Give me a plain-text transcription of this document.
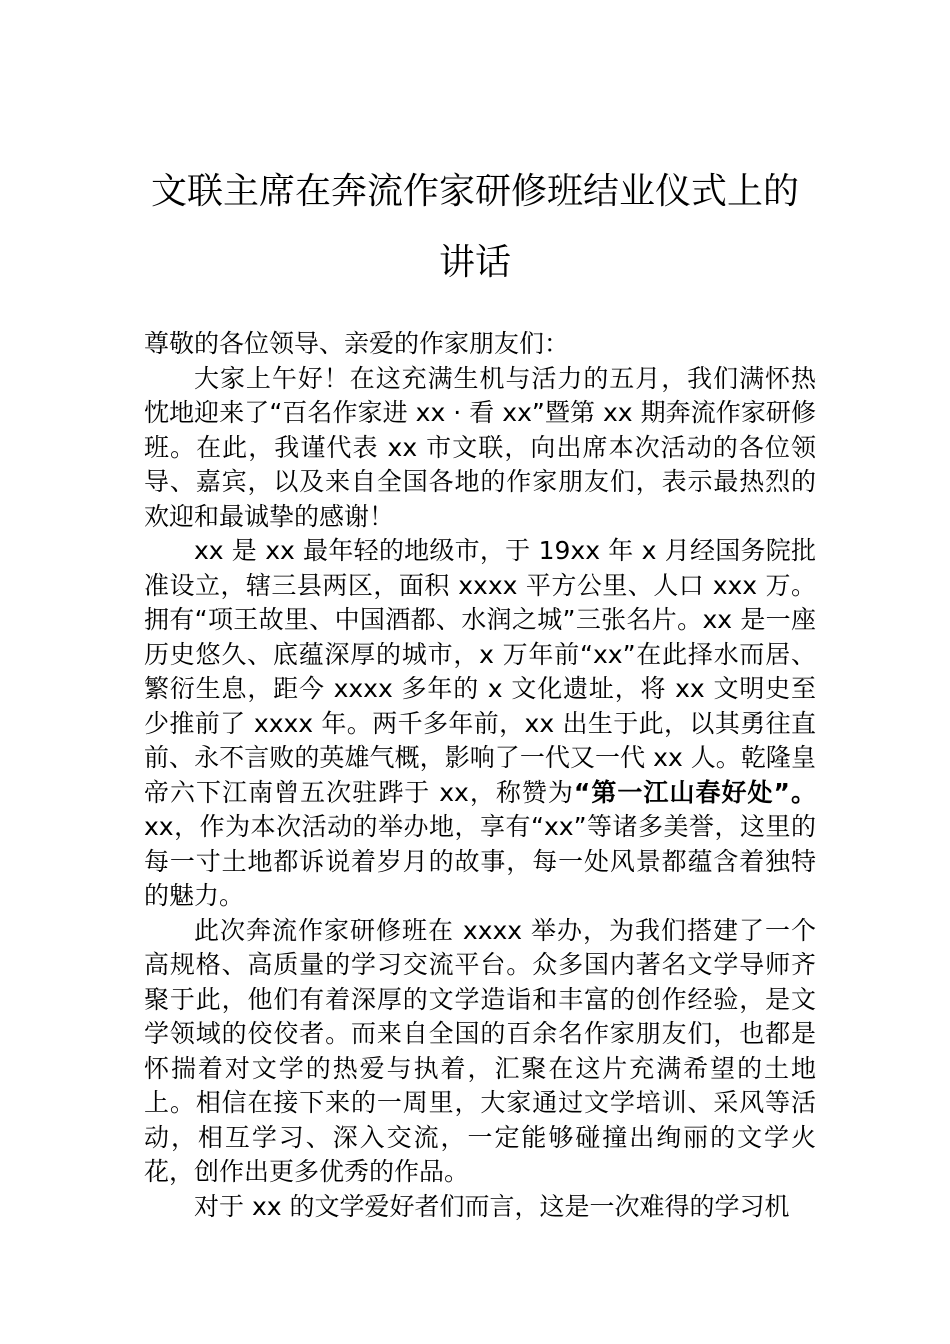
文联主席在奔流作家研修班结业仪式上的
讲话

尊敬的各位领导、亲爱的作家朋友们：

大家上午好！在这充满生机与活力的五月，我们满怀热忱地迎来了“百名作家进 xx · 看 xx”暨第 xx 期奔流作家研修班。在此，我谨代表 xx 市文联，向出席本次活动的各位领导、嘉宾，以及来自全国各地的作家朋友们，表示最热烈的欢迎和最诚挚的感谢！

xx 是 xx 最年轻的地级市，于 19xx 年 x 月经国务院批准设立，辖三县两区，面积 xxxx 平方公里、人口 xxx 万。拥有“项王故里、中国酒都、水润之城”三张名片。xx 是一座历史悠久、底蕴深厚的城市，x 万年前“xx”在此择水而居、繁衍生息，距今 xxxx 多年的 x 文化遗址，将 xx 文明史至少推前了 xxxx 年。两千多年前，xx 出生于此，以其勇往直前、永不言败的英雄气概，影响了一代又一代 xx 人。乾隆皇帝六下江南曾五次驻跸于 xx，称赞为“第一江山春好处”。xx，作为本次活动的举办地，享有“xx”等诸多美誉，这里的每一寸土地都诉说着岁月的故事，每一处风景都蕴含着独特的魅力。

此次奔流作家研修班在 xxxx 举办，为我们搭建了一个高规格、高质量的学习交流平台。众多国内著名文学导师齐聚于此，他们有着深厚的文学造诣和丰富的创作经验，是文学领域的佼佼者。而来自全国的百余名作家朋友们，也都是怀揣着对文学的热爱与执着，汇聚在这片充满希望的土地上。相信在接下来的一周里，大家通过文学培训、采风等活动，相互学习、深入交流，一定能够碰撞出绚丽的文学火花，创作出更多优秀的作品。

对于 xx 的文学爱好者们而言，这是一次难得的学习机
